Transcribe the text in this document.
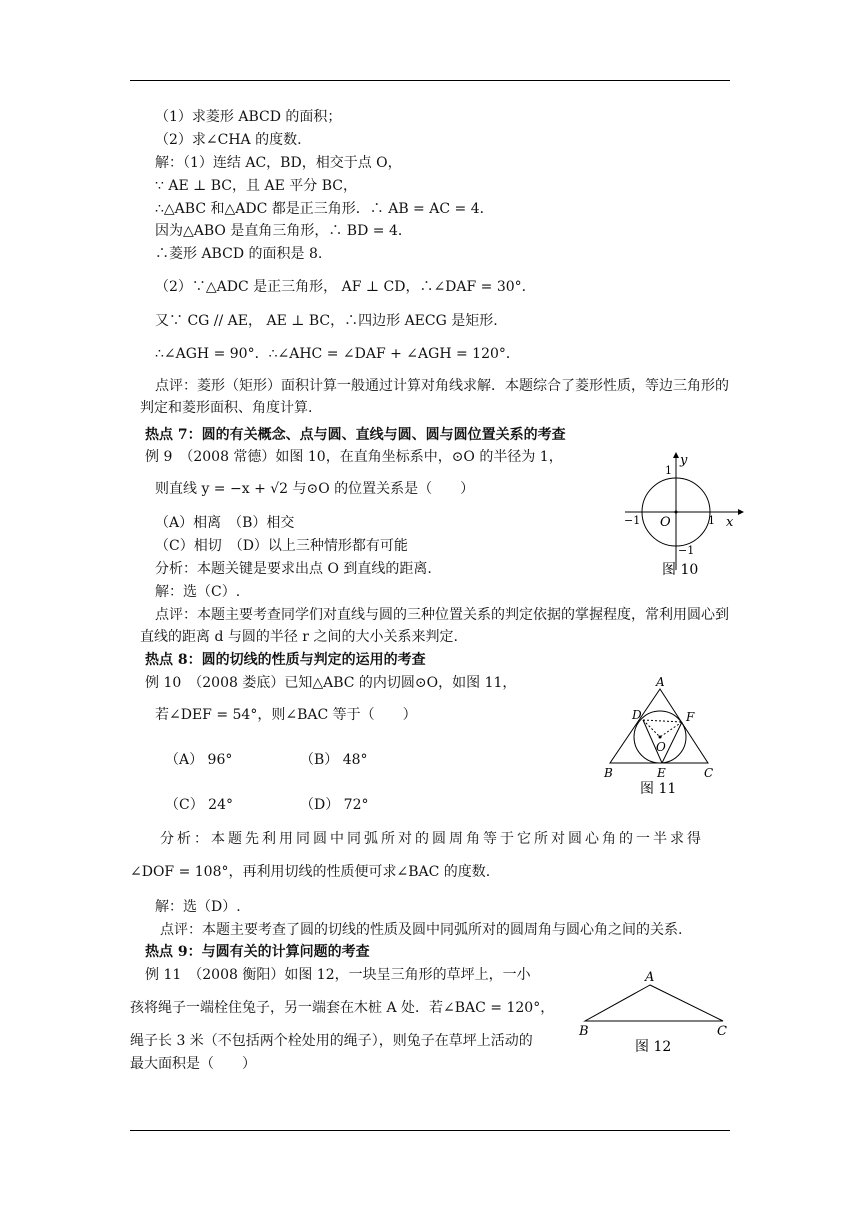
（1）求菱形 ABCD 的面积；
（2）求∠CHA 的度数.
解：（1）连结 AC，BD，相交于点 O，
∵ AE ⊥ BC，且 AE 平分 BC，
∴△ABC 和△ADC 都是正三角形．∴ AB = AC = 4．
因为△ABO 是直角三角形，∴ BD = 4．
∴菱形 ABCD 的面积是 8.
（2）∵△ADC 是正三角形， AF ⊥ CD，∴∠DAF = 30°．
又∵ CG // AE， AE ⊥ BC，∴四边形 AECG 是矩形.
∴∠AGH = 90°．∴∠AHC = ∠DAF + ∠AGH = 120°．
点评：菱形（矩形）面积计算一般通过计算对角线求解．本题综合了菱形性质，等边三角形的判定和菱形面积、角度计算.
热点 7：圆的有关概念、点与圆、直线与圆、圆与圆位置关系的考查
例 9　（2008 常德）如图 10，在直角坐标系中，⊙O 的半径为 1，
则直线 y = −x + √2 与⊙O 的位置关系是（　　）
（A）相离　（B）相交
（C）相切　（D）以上三种情形都有可能
分析：本题关键是要求出点 O 到直线的距离.
解：选（C）.
点评：本题主要考查同学们对直线与圆的三种位置关系的判定依据的掌握程度，常利用圆心到直线的距离 d 与圆的半径 r 之间的大小关系来判定.
y
x
O	1
−1
1
−1
图 10
热点 8：圆的切线的性质与判定的运用的考查
例 10　（2008 娄底）已知△ABC 的内切圆⊙O，如图 11，
若∠DEF = 54°，则∠BAC 等于（　　）
（A） 96°	（B） 48°
（C） 24°	（D） 72°
A
D	F
O
B	E	C
图 11
分析：本题先利用同圆中同弧所对的圆周角等于它所对圆心角的一半求得
∠DOF = 108°，再利用切线的性质便可求∠BAC 的度数.
解：选（D）.
点评：本题主要考查了圆的切线的性质及圆中同弧所对的圆周角与圆心角之间的关系.
热点 9：与圆有关的计算问题的考查
例 11　（2008 衡阳）如图 12，一块呈三角形的草坪上，一小
孩将绳子一端栓住兔子，另一端套在木桩 A 处．若∠BAC = 120°，
绳子长 3 米（不包括两个栓处用的绳子），则兔子在草坪上活动的
最大面积是（　　）
A
B	C
图 12
